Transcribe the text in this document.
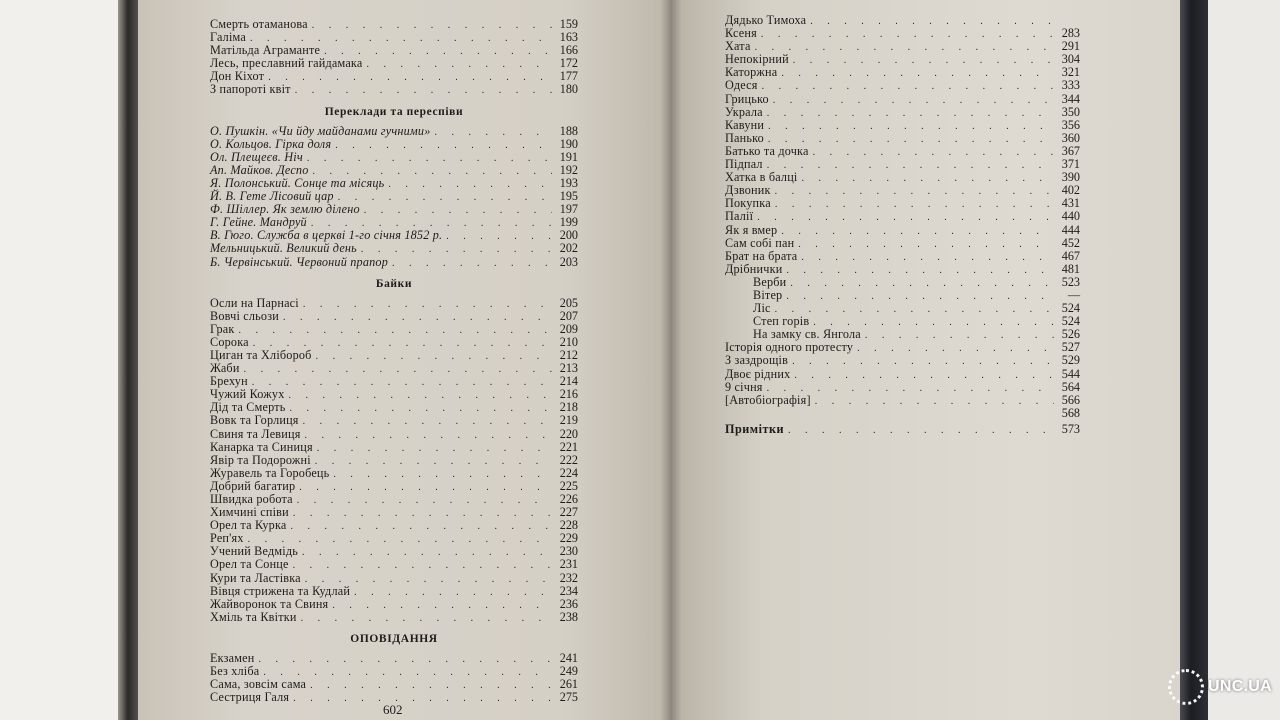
Смерть отаманова . . .	159
Галіма . . .	163
Матільда Аграманте . . .	166
Лесь, преславний гайдамака . . .	172
Дон Кіхот . . .	177
З папороті квіт . . .	180
Переклади та переспіви
О. Пушкін. «Чи йду майданами гучними» . . .	188
О. Кольцов. Гірка доля . . .	190
Ол. Плещеєв. Ніч . . .	191
Ап. Майков. Деспо . . .	192
Я. Полонський. Сонце та місяць . . .	193
Й. В. Гете Лісовий цар . . .	195
Ф. Шіллер. Як землю ділено . . .	197
Г. Гейне. Мандруй . . .	199
В. Гюго. Служба в церкві 1-го січня 1852 р. . . .	200
Мельницький. Великий день . . .	202
Б. Червінський. Червоний прапор . . .	203
Байки
Осли на Парнасі . . .	205
Вовчі сльози . . .	207
Грак . . .	209
Сорока . . .	210
Циган та Хлібороб . . .	212
Жаби . . .	213
Брехун . . .	214
Чужий Кожух . . .	216
Дід та Смерть . . .	218
Вовк та Горлиця . . .	219
Свиня та Левиця . . .	220
Канарка та Синиця . . .	221
Явір та Подорожні . . .	222
Журавель та Горобець . . .	224
Добрий багатир . . .	225
Швидка робота . . .	226
Химчині співи . . .	227
Орел та Курка . . .	228
Реп'ях . . .	229
Учений Ведмідь . . .	230
Орел та Сонце . . .	231
Кури та Ластівка . . .	232
Вівця стрижена та Кудлай . . .	234
Жайворонок та Свиня . . .	236
Хміль та Квітки . . .	238
ОПОВІДАННЯ
Екзамен . . .	241
Без хліба . . .	249
Сама, зовсім сама . . .	261
Сестриця Галя . . .	275
602
Дядько Тимоха
. . .
Ксеня . . .	283
Хата . . .	291
Непокірний . . .	304
Каторжна . . .	321
Одеся . . .	333
Грицько . . .	344
Украла . . .	350
Кавуни . . .	356
Панько . . .	360
Батько та дочка . . .	367
Підпал . . .	371
Хатка в балці . . .	390
Дзвоник . . .	402
Покупка . . .	431
Палії . . .	440
Як я вмер . . .	444
Сам собі пан . . .	452
Брат на брата . . .	467
Дрібнички . . .	481
Верби . . .	523
Вітер . . .	—
Ліс . . .	524
Степ горів . . .	524
На замку св. Янгола . . .	526
Історія одного протесту . . .	527
З заздрощів . . .	529
Двоє рідних . . .	544
9 січня . . .	564
[Автобіографія] . . .	566
568
Примітки . . .	573
UNC.UA
